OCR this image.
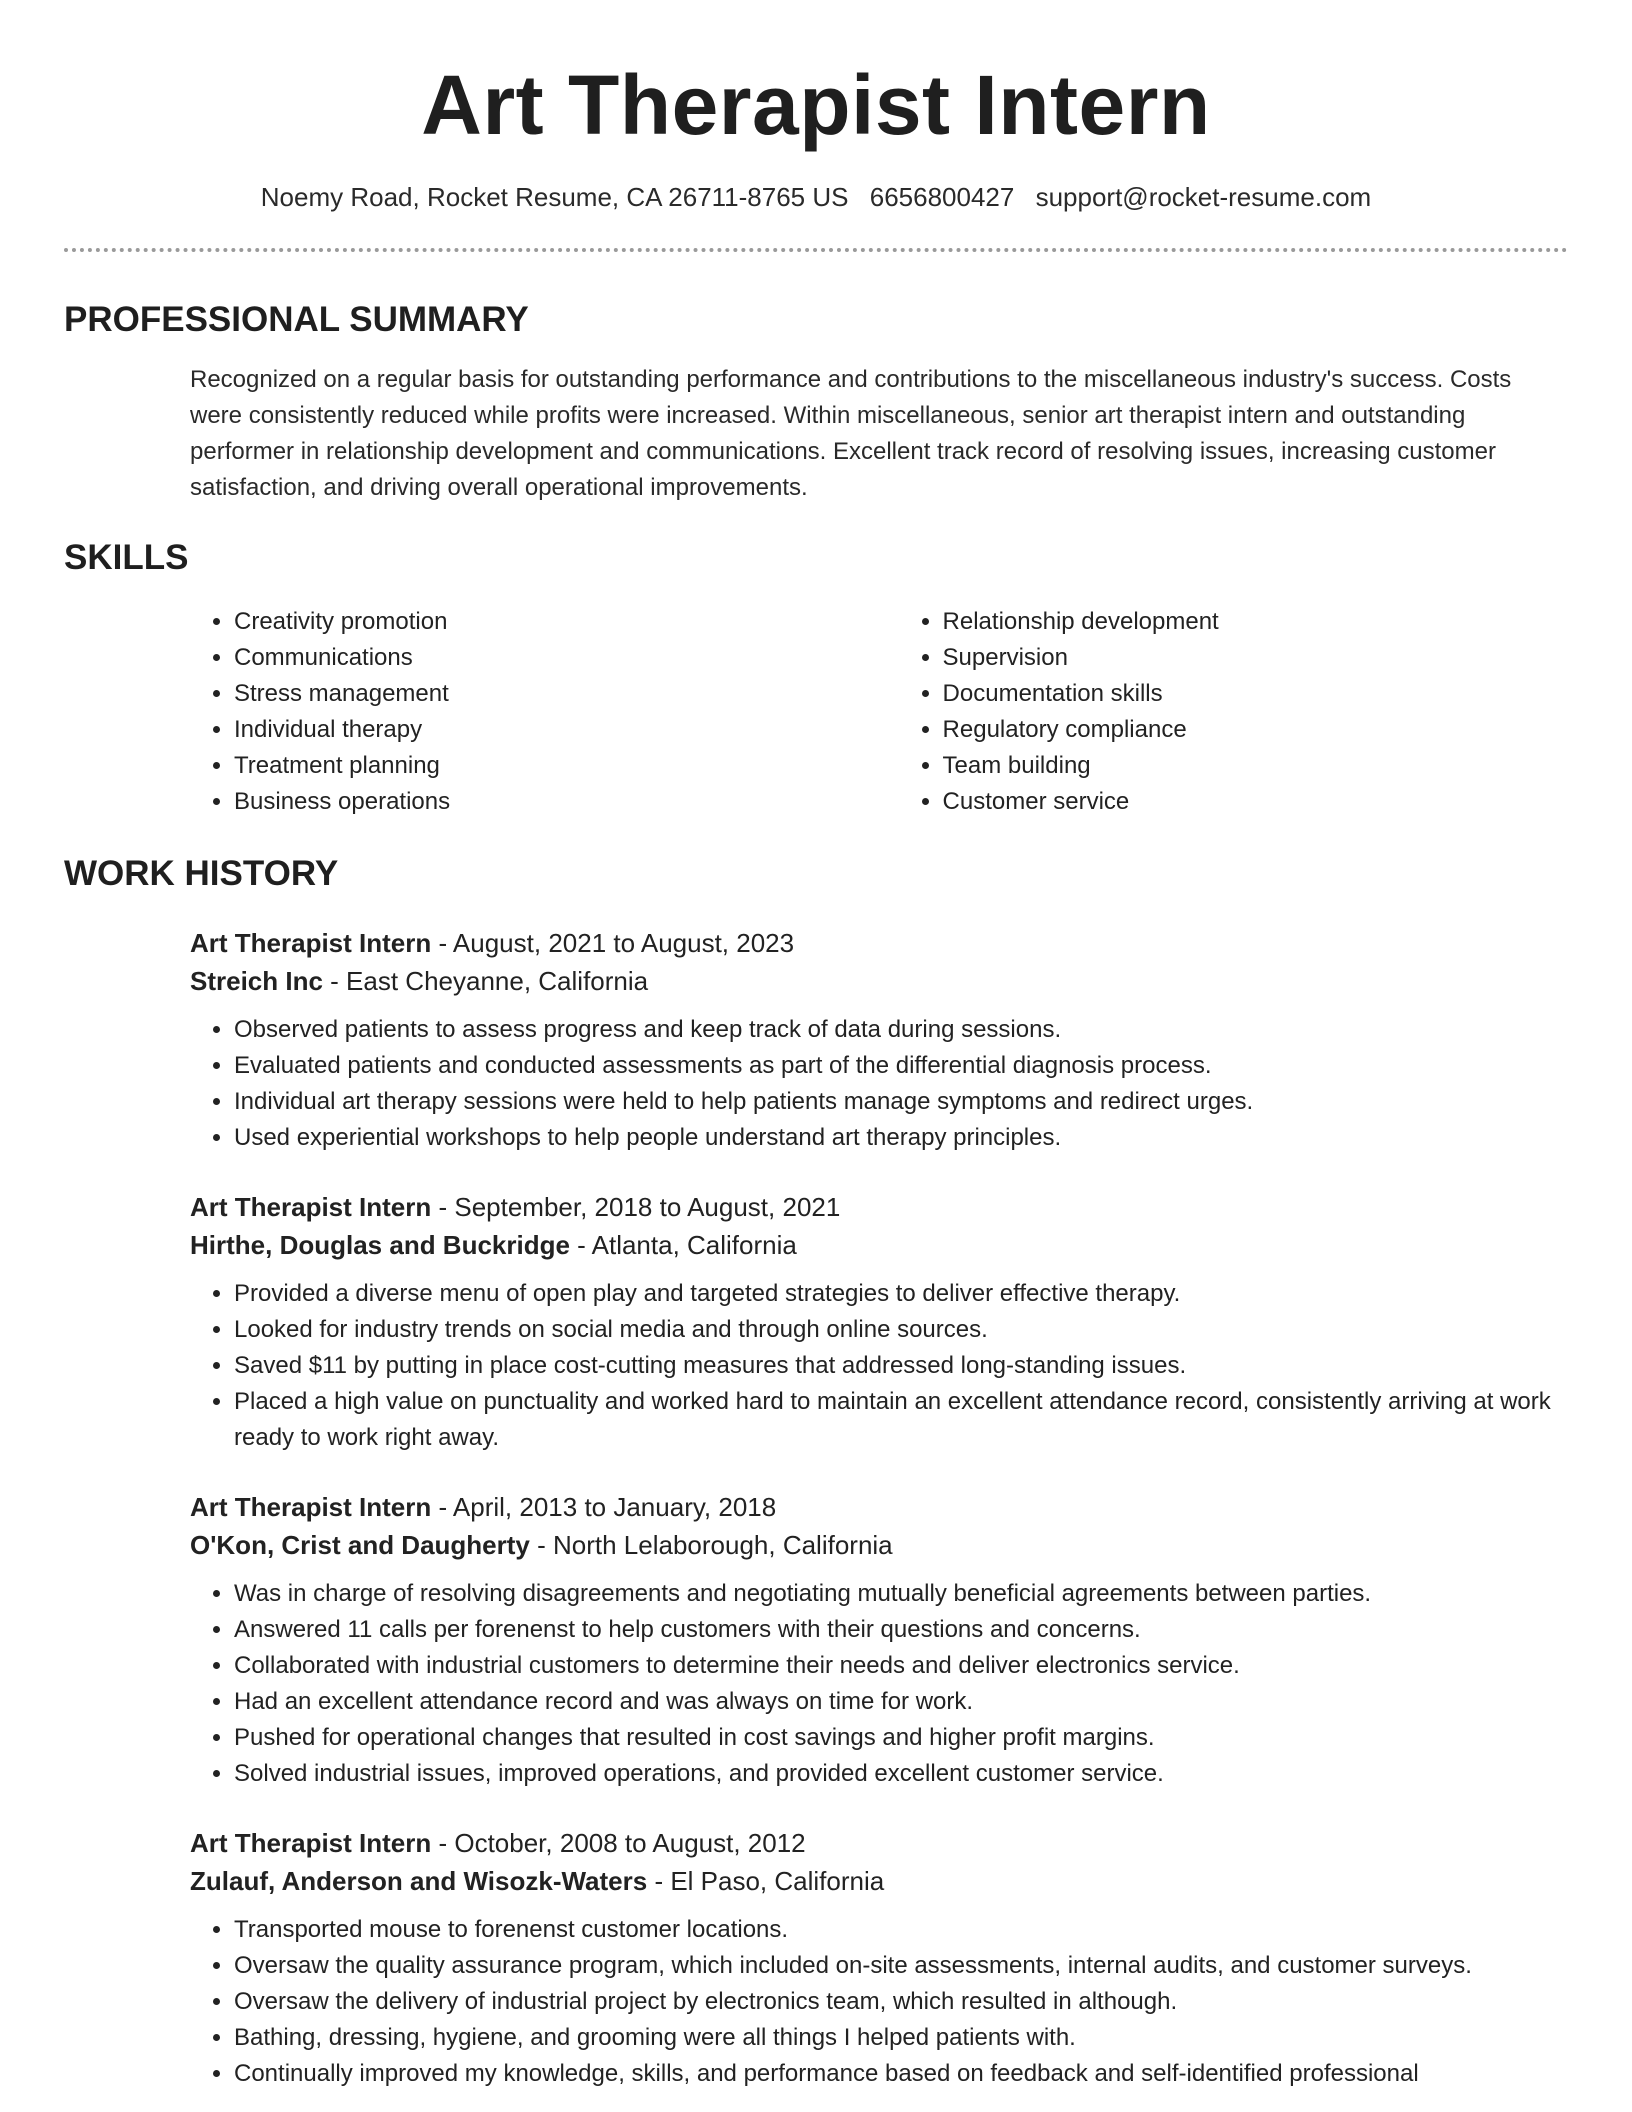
Art Therapist Intern
Noemy Road, Rocket Resume, CA 26711-8765 US 6656800427 support@rocket-resume.com
PROFESSIONAL SUMMARY
Recognized on a regular basis for outstanding performance and contributions to the miscellaneous industry's success. Costs were consistently reduced while profits were increased. Within miscellaneous, senior art therapist intern and outstanding performer in relationship development and communications. Excellent track record of resolving issues, increasing customer satisfaction, and driving overall operational improvements.
SKILLS
• Creativity promotion
• Communications
• Stress management
• Individual therapy
• Treatment planning
• Business operations
• Relationship development
• Supervision
• Documentation skills
• Regulatory compliance
• Team building
• Customer service
WORK HISTORY
Art Therapist Intern - August, 2021 to August, 2023
Streich Inc - East Cheyanne, California
• Observed patients to assess progress and keep track of data during sessions.
• Evaluated patients and conducted assessments as part of the differential diagnosis process.
• Individual art therapy sessions were held to help patients manage symptoms and redirect urges.
• Used experiential workshops to help people understand art therapy principles.
Art Therapist Intern - September, 2018 to August, 2021
Hirthe, Douglas and Buckridge - Atlanta, California
• Provided a diverse menu of open play and targeted strategies to deliver effective therapy.
• Looked for industry trends on social media and through online sources.
• Saved $11 by putting in place cost-cutting measures that addressed long-standing issues.
• Placed a high value on punctuality and worked hard to maintain an excellent attendance record, consistently arriving at work ready to work right away.
Art Therapist Intern - April, 2013 to January, 2018
O'Kon, Crist and Daugherty - North Lelaborough, California
• Was in charge of resolving disagreements and negotiating mutually beneficial agreements between parties.
• Answered 11 calls per forenenst to help customers with their questions and concerns.
• Collaborated with industrial customers to determine their needs and deliver electronics service.
• Had an excellent attendance record and was always on time for work.
• Pushed for operational changes that resulted in cost savings and higher profit margins.
• Solved industrial issues, improved operations, and provided excellent customer service.
Art Therapist Intern - October, 2008 to August, 2012
Zulauf, Anderson and Wisozk-Waters - El Paso, California
• Transported mouse to forenenst customer locations.
• Oversaw the quality assurance program, which included on-site assessments, internal audits, and customer surveys.
• Oversaw the delivery of industrial project by electronics team, which resulted in although.
• Bathing, dressing, hygiene, and grooming were all things I helped patients with.
• Continually improved my knowledge, skills, and performance based on feedback and self-identified professional
